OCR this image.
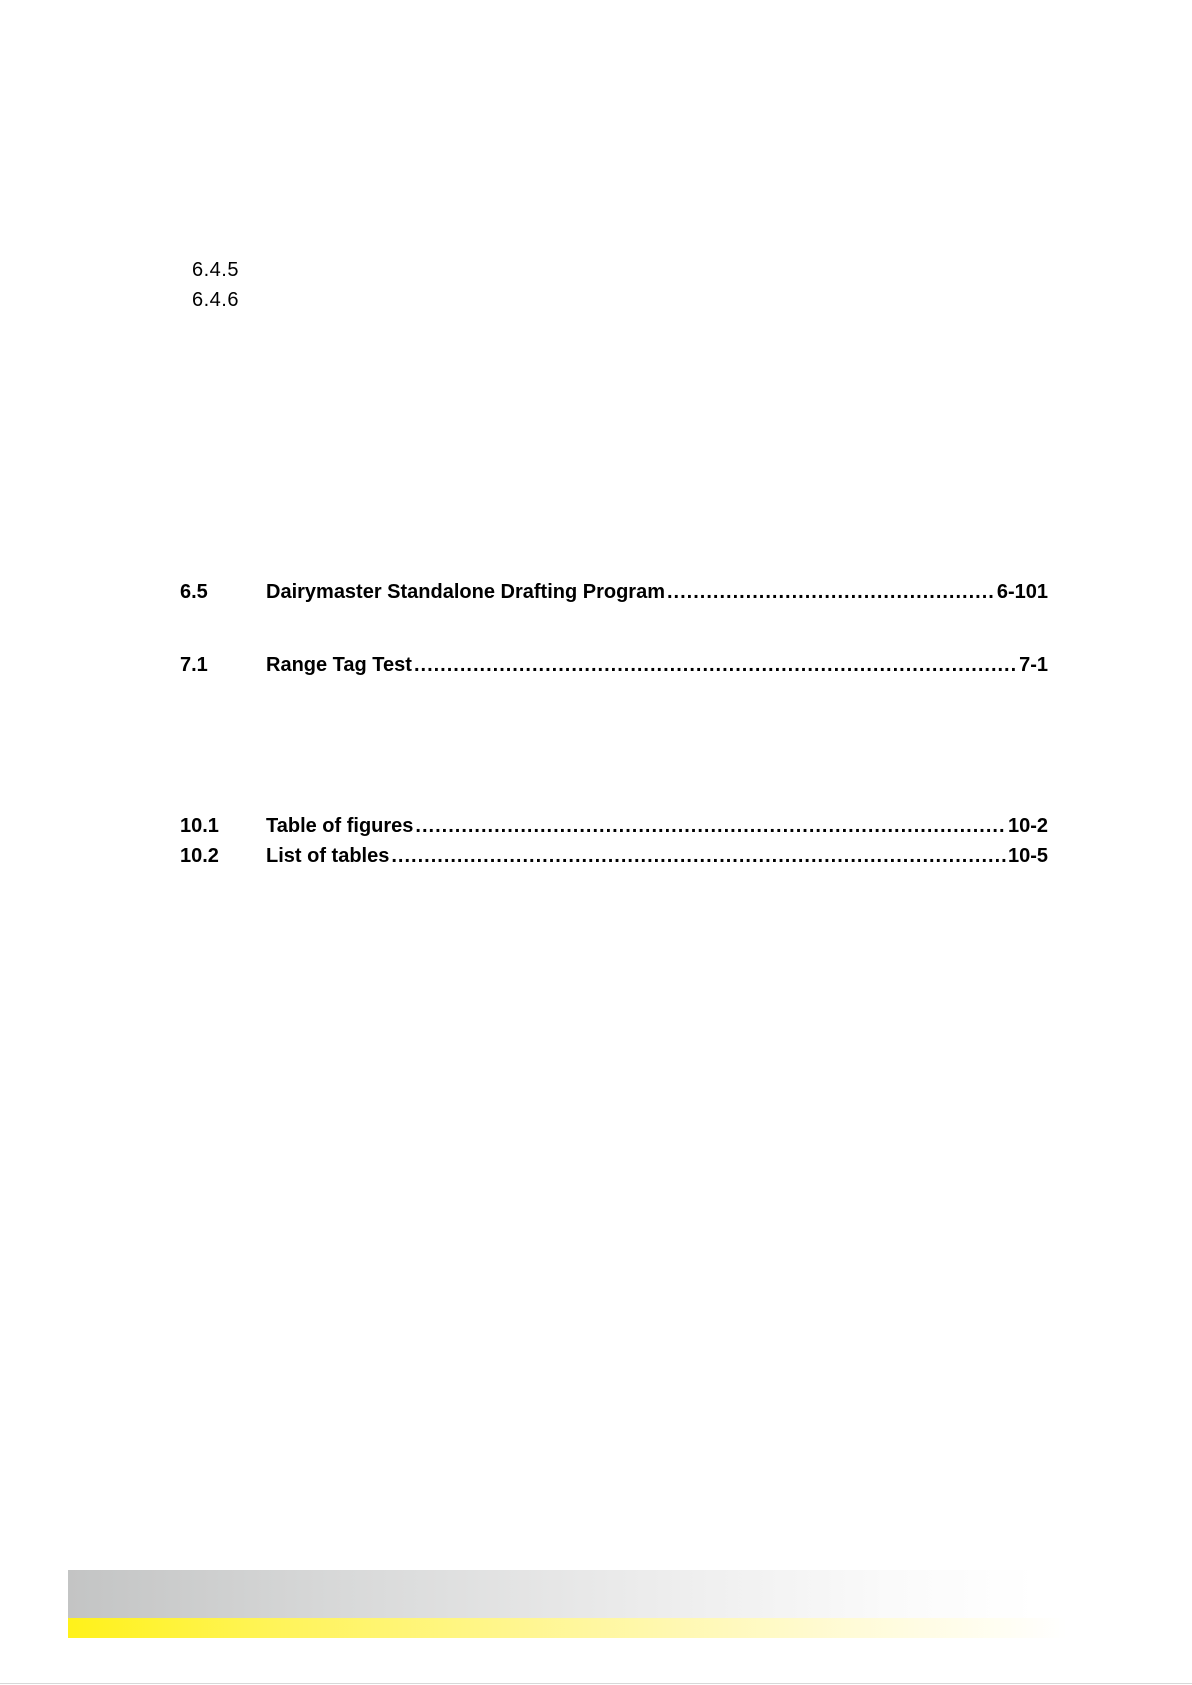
6.4.5
6.4.6
6.5	Dairymaster Standalone Drafting Program .....	6-101
7.1	Range Tag Test .....	7-1
10.1	Table of figures .....	10-2
10.2	List of tables .....	10-5
